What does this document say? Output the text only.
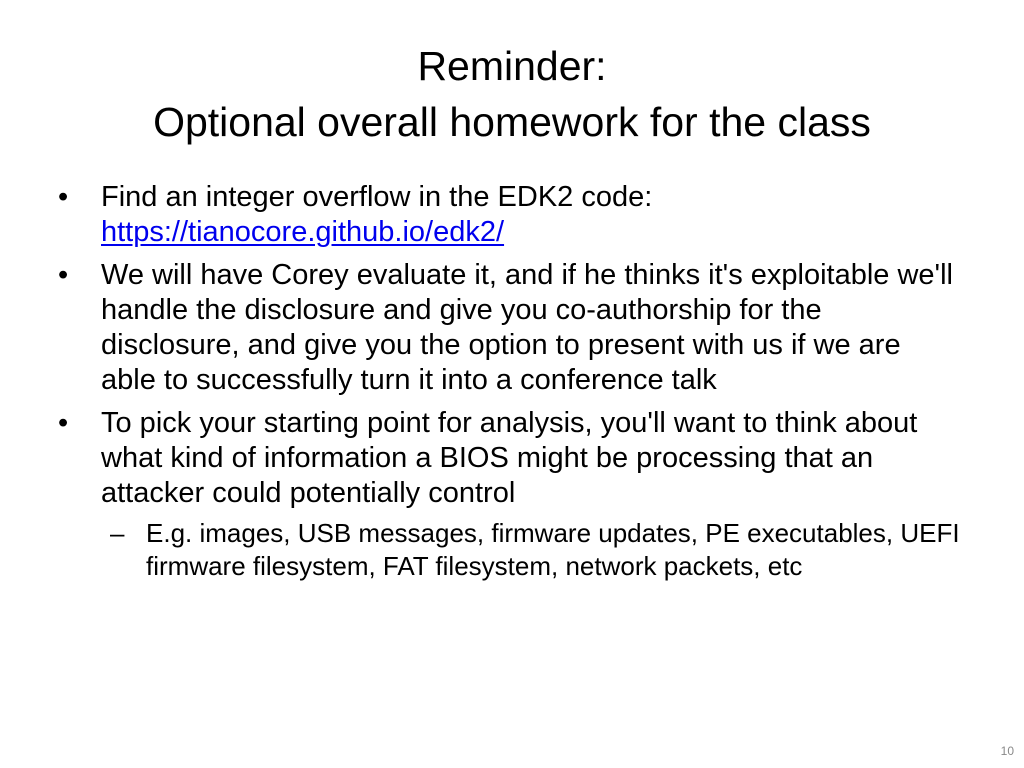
Reminder:
Optional overall homework for the class
• Find an integer overflow in the EDK2 code:
https://tianocore.github.io/edk2/
• We will have Corey evaluate it, and if he thinks it's exploitable we'll handle the disclosure and give you co-authorship for the disclosure, and give you the option to present with us if we are able to successfully turn it into a conference talk
• To pick your starting point for analysis, you'll want to think about what kind of information a BIOS might be processing that an attacker could potentially control
– E.g. images, USB messages, firmware updates, PE executables, UEFI firmware filesystem, FAT filesystem, network packets, etc
10
